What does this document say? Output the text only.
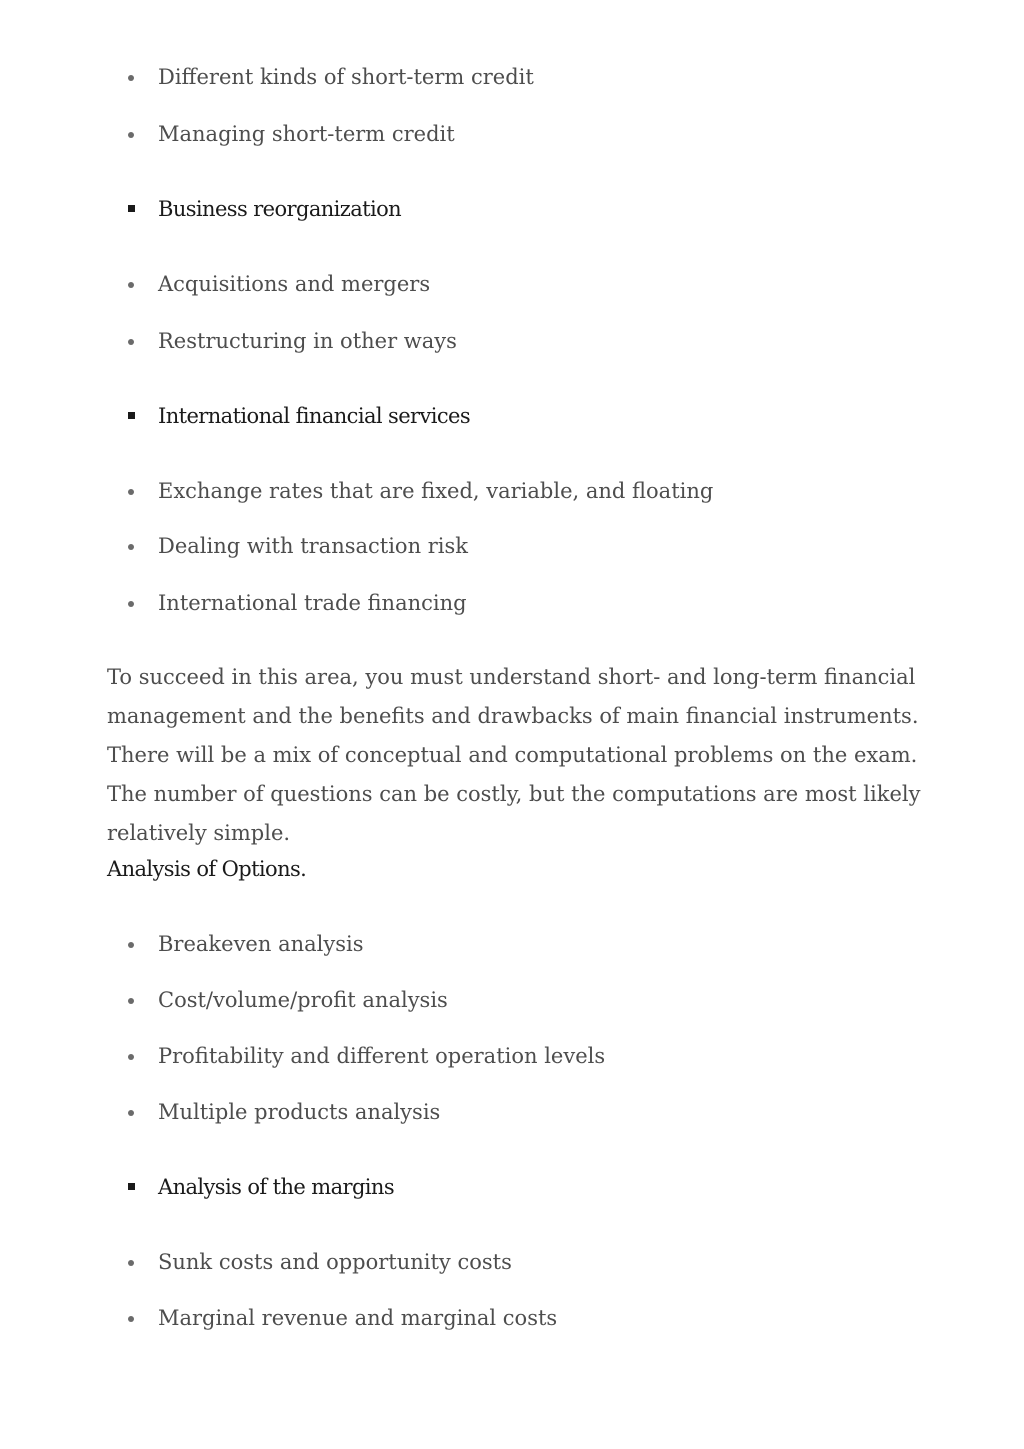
Different kinds of short-term credit
Managing short-term credit
Business reorganization
Acquisitions and mergers
Restructuring in other ways
International financial services
Exchange rates that are fixed, variable, and floating
Dealing with transaction risk
International trade financing
To succeed in this area, you must understand short- and long-term financial management and the benefits and drawbacks of main financial instruments. There will be a mix of conceptual and computational problems on the exam. The number of questions can be costly, but the computations are most likely relatively simple.
Analysis of Options.
Breakeven analysis
Cost/volume/profit analysis
Profitability and different operation levels
Multiple products analysis
Analysis of the margins
Sunk costs and opportunity costs
Marginal revenue and marginal costs
